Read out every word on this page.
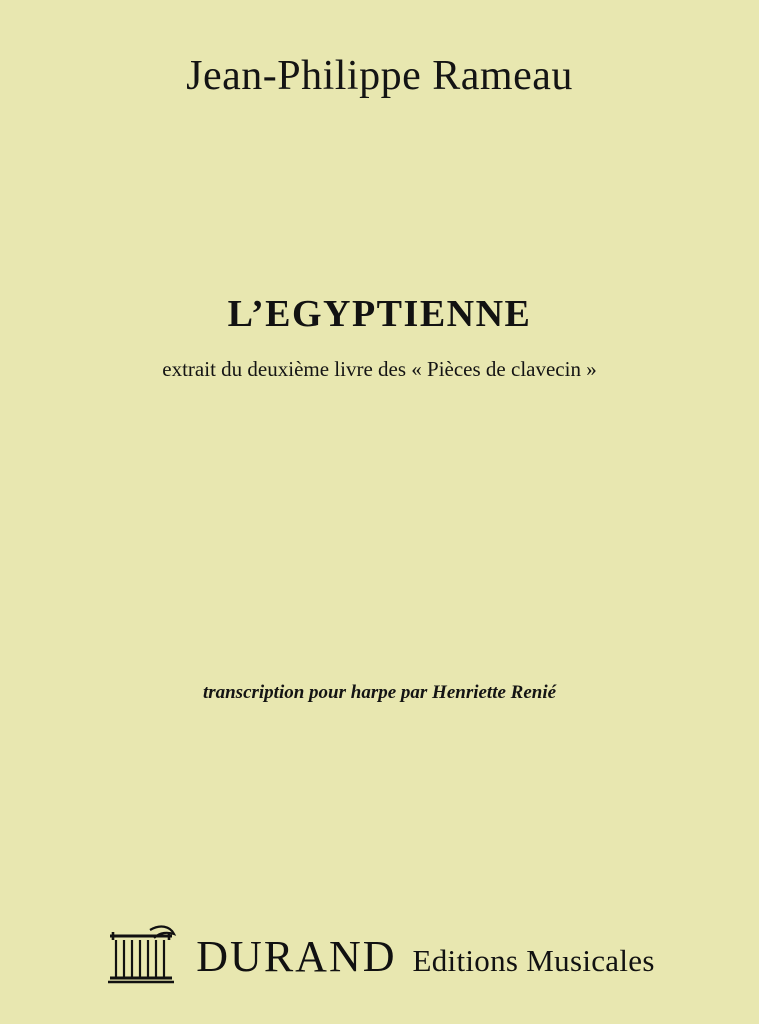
Jean-Philippe Rameau
L’EGYPTIENNE
extrait du deuxième livre des « Pièces de clavecin »
transcription pour harpe par Henriette Renié
DURAND Editions Musicales
